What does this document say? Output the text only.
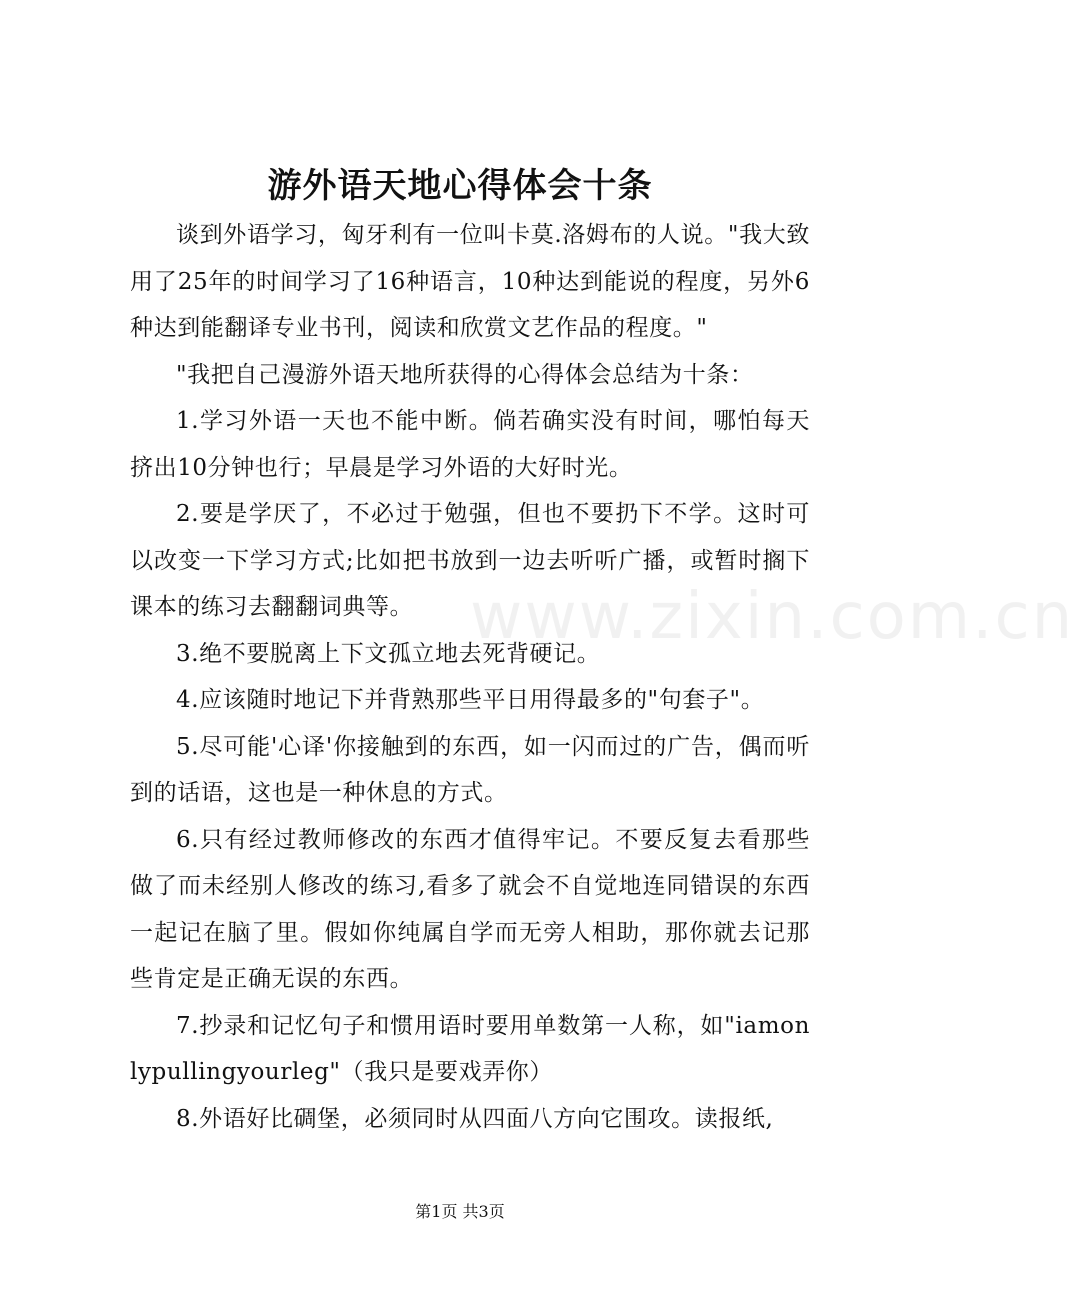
游外语天地心得体会十条

谈到外语学习，匈牙利有一位叫卡莫.洛姆布的人说。"我大致用了25年的时间学习了16种语言，10种达到能说的程度，另外6种达到能翻译专业书刊，阅读和欣赏文艺作品的程度。"

"我把自己漫游外语天地所获得的心得体会总结为十条：

1.学习外语一天也不能中断。倘若确实没有时间，哪怕每天挤出10分钟也行；早晨是学习外语的大好时光。

2.要是学厌了，不必过于勉强，但也不要扔下不学。这时可以改变一下学习方式;比如把书放到一边去听听广播，或暂时搁下课本的练习去翻翻词典等。

3.绝不要脱离上下文孤立地去死背硬记。

4.应该随时地记下并背熟那些平日用得最多的"句套子"。

5.尽可能'心译'你接触到的东西，如一闪而过的广告，偶而听到的话语，这也是一种休息的方式。

6.只有经过教师修改的东西才值得牢记。不要反复去看那些做了而未经别人修改的练习,看多了就会不自觉地连同错误的东西一起记在脑了里。假如你纯属自学而无旁人相助，那你就去记那些肯定是正确无误的东西。

7.抄录和记忆句子和惯用语时要用单数第一人称，如"iamonlypullingyourleg"（我只是要戏弄你）

8.外语好比碉堡，必须同时从四面八方向它围攻。读报纸,

www.zixin.com.cn
第1页 共3页
